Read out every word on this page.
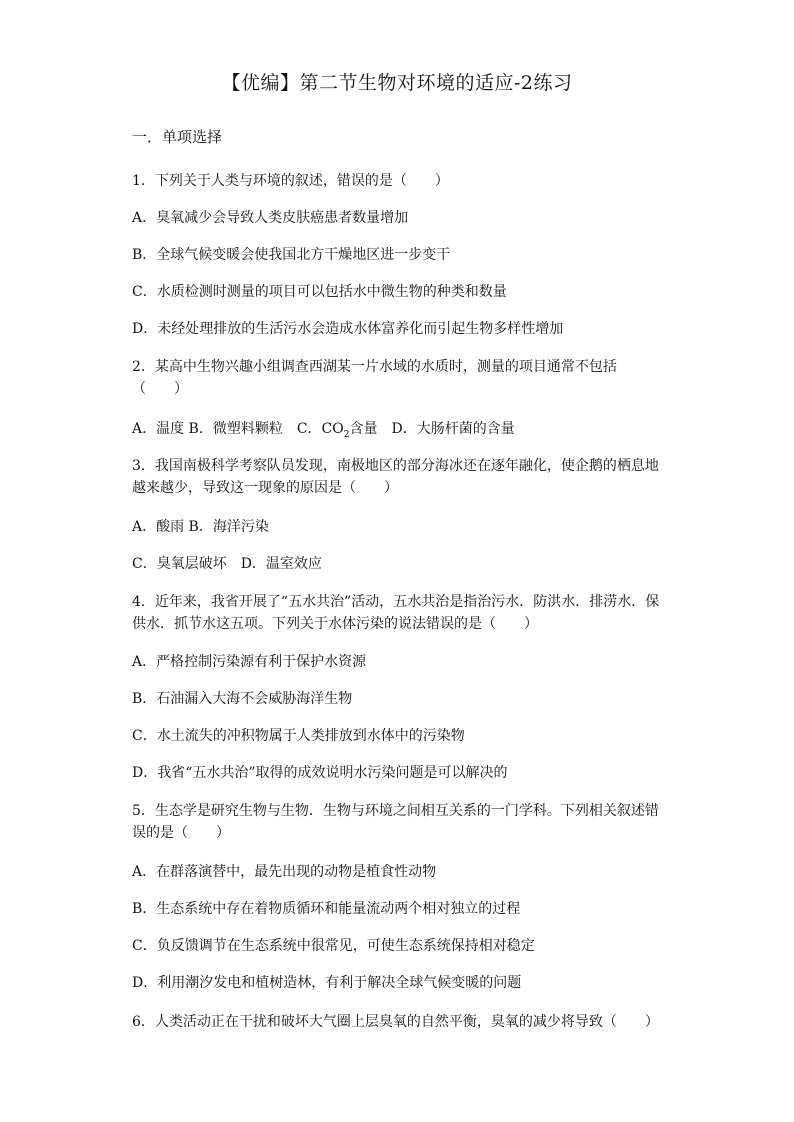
【优编】第二节生物对环境的适应-2练习
一．单项选择
1．下列关于人类与环境的叙述，错误的是（　　）
A．臭氧减少会导致人类皮肤癌患者数量增加
B．全球气候变暖会使我国北方干燥地区进一步变干
C．水质检测时测量的项目可以包括水中微生物的种类和数量
D．未经处理排放的生活污水会造成水体富养化而引起生物多样性增加
2．某高中生物兴趣小组调查西湖某一片水域的水质时，测量的项目通常不包括（　　）
A．温度 B．微塑料颗粒　C．$CO_2$含量　D．大肠杆菌的含量
3．我国南极科学考察队员发现，南极地区的部分海冰还在逐年融化，使企鹅的栖息地越来越少，导致这一现象的原因是（　　）
A．酸雨 B．海洋污染
C．臭氧层破坏　D．温室效应
4．近年来，我省开展了“五水共治”活动，五水共治是指治污水．防洪水．排涝水．保供水．抓节水这五项。下列关于水体污染的说法错误的是（　　）
A．严格控制污染源有利于保护水资源
B．石油漏入大海不会威胁海洋生物
C．水土流失的冲积物属于人类排放到水体中的污染物
D．我省“五水共治”取得的成效说明水污染问题是可以解决的
5．生态学是研究生物与生物．生物与环境之间相互关系的一门学科。下列相关叙述错误的是（　　）
A．在群落演替中，最先出现的动物是植食性动物
B．生态系统中存在着物质循环和能量流动两个相对独立的过程
C．负反馈调节在生态系统中很常见，可使生态系统保持相对稳定
D．利用潮汐发电和植树造林，有利于解决全球气候变暖的问题
6．人类活动正在干扰和破坏大气圈上层臭氧的自然平衡，臭氧的减少将导致（　　）
